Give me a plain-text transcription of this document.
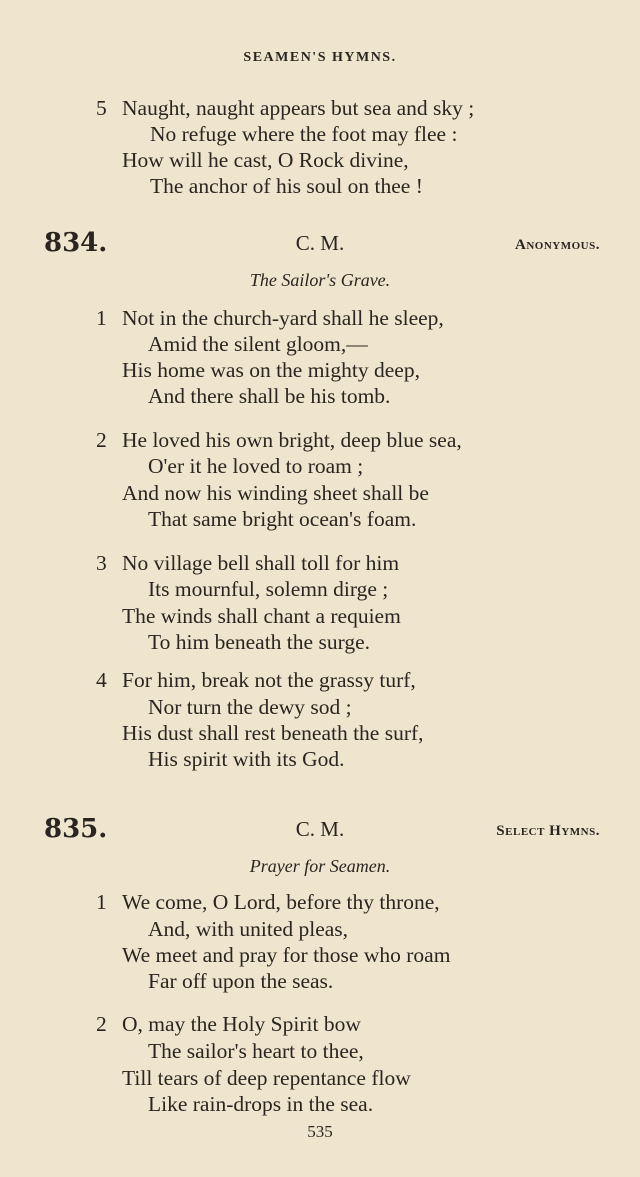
SEAMEN'S HYMNS.
5 Naught, naught appears but sea and sky ;
No refuge where the foot may flee :
How will he cast, O Rock divine,
The anchor of his soul on thee !
834.	C. M.	Anonymous.
The Sailor's Grave.
1 Not in the church-yard shall he sleep,
Amid the silent gloom,—
His home was on the mighty deep,
And there shall be his tomb.
2 He loved his own bright, deep blue sea,
O'er it he loved to roam ;
And now his winding sheet shall be
That same bright ocean's foam.
3 No village bell shall toll for him
Its mournful, solemn dirge ;
The winds shall chant a requiem
To him beneath the surge.
4 For him, break not the grassy turf,
Nor turn the dewy sod ;
His dust shall rest beneath the surf,
His spirit with its God.
835.	C. M.	Select Hymns.
Prayer for Seamen.
1 We come, O Lord, before thy throne,
And, with united pleas,
We meet and pray for those who roam
Far off upon the seas.
2 O, may the Holy Spirit bow
The sailor's heart to thee,
Till tears of deep repentance flow
Like rain-drops in the sea.
535
